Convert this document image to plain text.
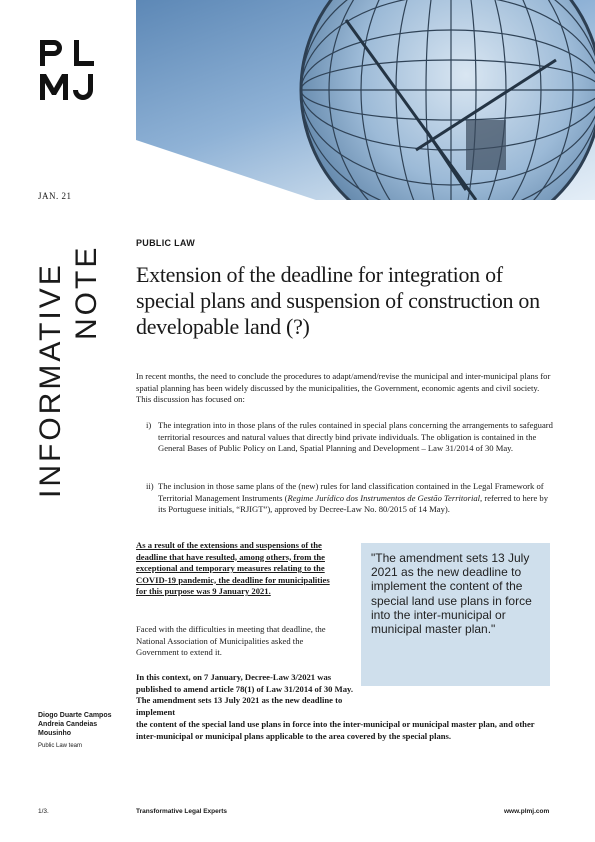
JAN. 21
INFORMATIVE NOTE
PUBLIC LAW
Extension of the deadline for integration of special plans and suspension of construction on developable land (?)

In recent months, the need to conclude the procedures to adapt/amend/revise the municipal and inter-municipal plans for spatial planning has been widely discussed by the municipalities, the Government, economic agents and civil society. This discussion has focused on:

i) The integration into in those plans of the rules contained in special plans concerning the arrangements to safeguard territorial resources and natural values that directly bind private individuals. The obligation is contained in the General Bases of Public Policy on Land, Spatial Planning and Development – Law 31/2014 of 30 May.

ii) The inclusion in those same plans of the (new) rules for land classification contained in the Legal Framework of Territorial Management Instruments (Regime Jurídico dos Instrumentos de Gestão Territorial, referred to here by its Portuguese initials, “RJIGT”), approved by Decree-Law No. 80/2015 of 14 May).

As a result of the extensions and suspensions of the deadline that have resulted, among others, from the exceptional and temporary measures relating to the COVID-19 pandemic, the deadline for municipalities for this purpose was 9 January 2021.

Faced with the difficulties in meeting that deadline, the National Association of Municipalities asked the Government to extend it.

In this context, on 7 January, Decree-Law 3/2021 was published to amend article 78(1) of Law 31/2014 of 30 May. The amendment sets 13 July 2021 as the new deadline to implement

the content of the special land use plans in force into the inter-municipal or municipal master plan, and other inter-municipal or municipal plans applicable to the area covered by the special plans.

"The amendment sets 13 July 2021 as the new deadline to implement the content of the special land use plans in force into the inter-municipal or municipal master plan."

Diogo Duarte Campos
Andreia Candeias Mousinho
Public Law team
1/3.	Transformative Legal Experts	www.plmj.com
